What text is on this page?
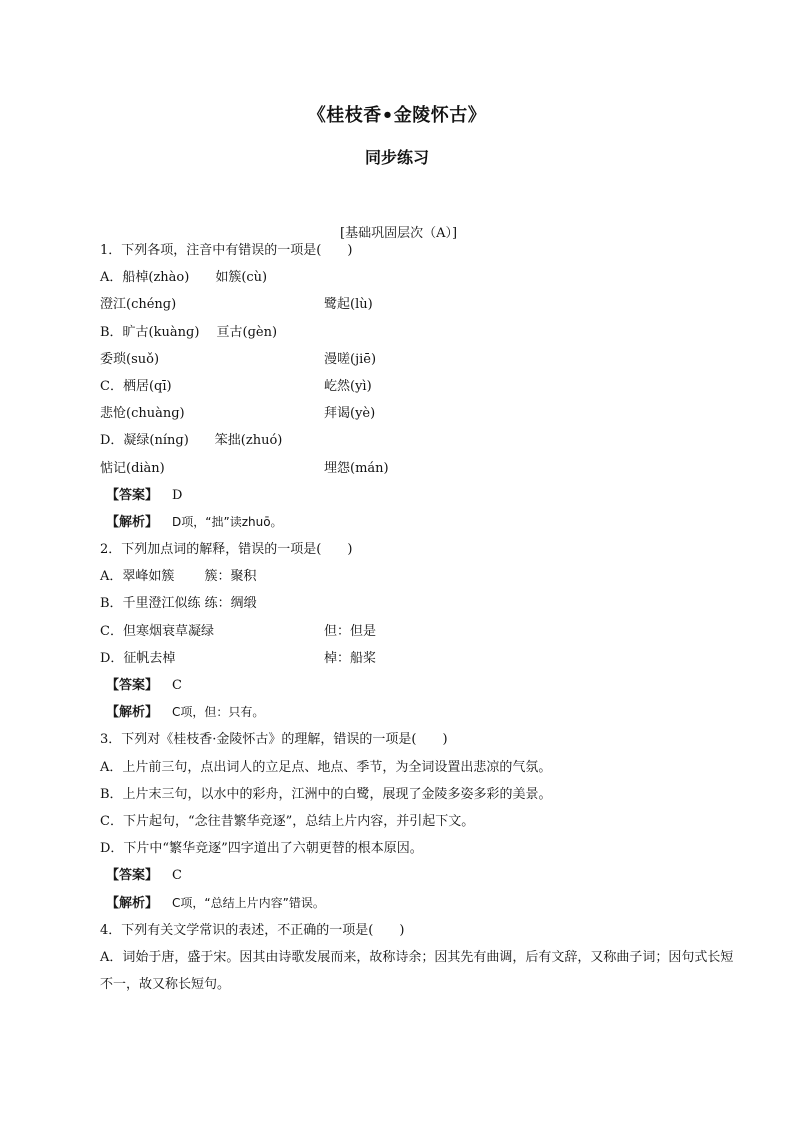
《桂枝香•金陵怀古》
同步练习
[基础巩固层次（A）]
1．下列各项，注音中有错误的一项是(　　)
A．船棹(zhào)　　如簇(cù)
澄江(chénɡ)	鹭起(lù)
B．旷古(kuànɡ)　 亘古(ɡèn)
委琐(suǒ)	漫嗟(jiē)
C．栖居(qī)	屹然(yì)
悲怆(chuànɡ)	拜谒(yè)
D．凝绿(nínɡ)　　笨拙(zhuó)
惦记(diàn)	埋怨(mán)
【答案】 D
【解析】 D项，“拙”读zhuō。
2．下列加点词的解释，错误的一项是(　　)
A．翠峰如簇　　 簇：聚积
B．千里澄江似练 练：绸缎
C．但寒烟衰草凝绿	但：但是
D．征帆去棹	棹：船桨
【答案】 C
【解析】 C项，但：只有。
3．下列对《桂枝香·金陵怀古》的理解，错误的一项是(　　)
A．上片前三句，点出词人的立足点、地点、季节，为全词设置出悲凉的气氛。
B．上片末三句，以水中的彩舟，江洲中的白鹭，展现了金陵多姿多彩的美景。
C．下片起句，“念往昔繁华竞逐”，总结上片内容，并引起下文。
D．下片中“繁华竞逐”四字道出了六朝更替的根本原因。
【答案】 C
【解析】 C项，“总结上片内容”错误。
4．下列有关文学常识的表述，不正确的一项是(　　)
A．词始于唐，盛于宋。因其由诗歌发展而来，故称诗余；因其先有曲调，后有文辞，又称曲子词；因句式长短不一，故又称长短句。
